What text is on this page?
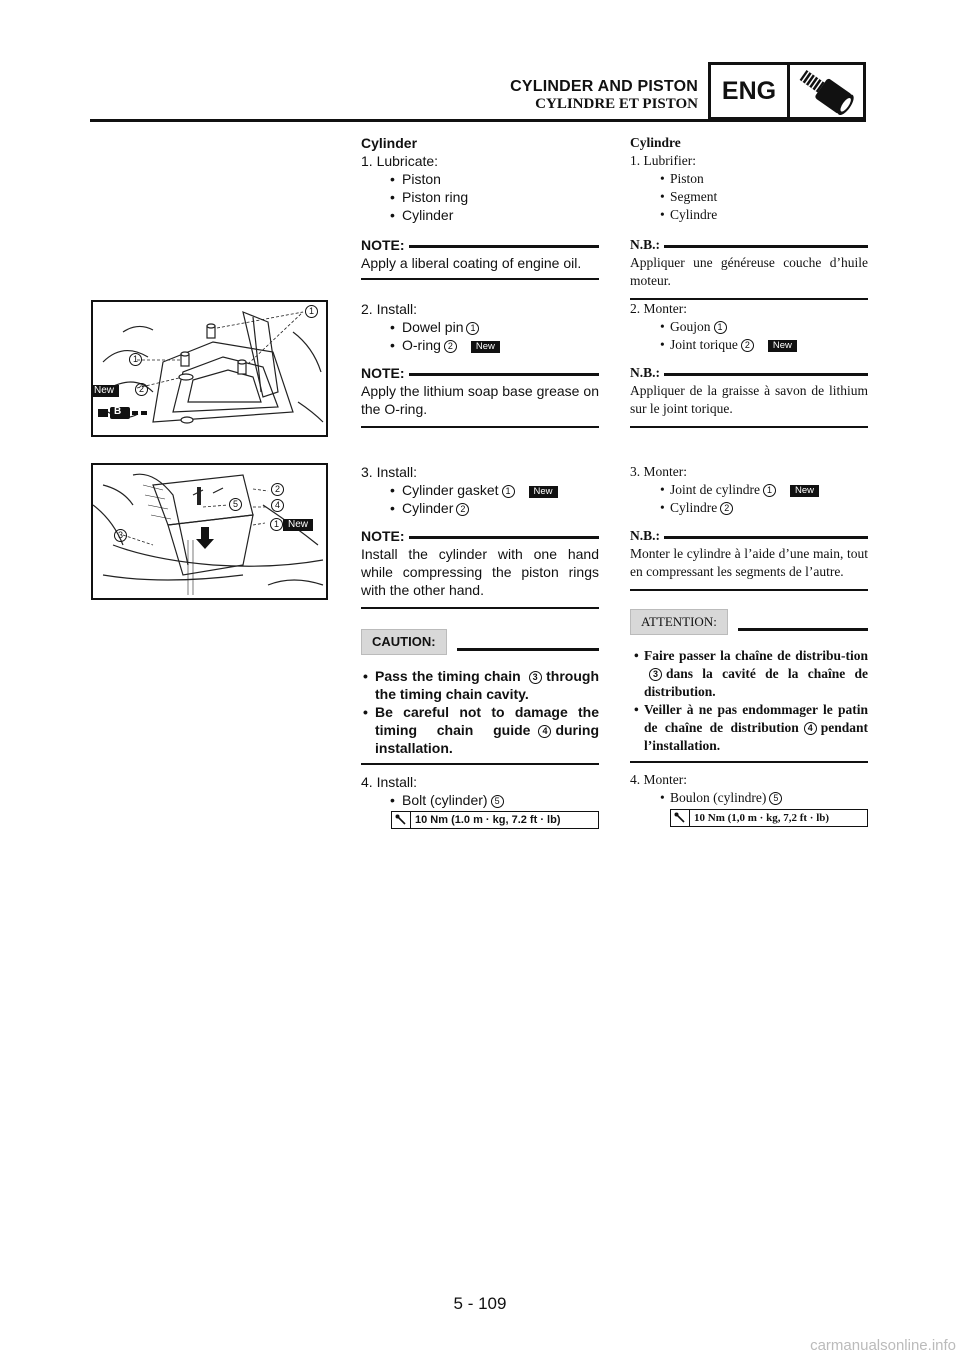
CYLINDER AND PISTON
CYLINDRE ET PISTON ENG
1
1
New	2
B
2
4
5
1 New
3

Cylinder

1. Lubricate:

• Piston

• Piston ring

• Cylinder

NOTE:

Apply a liberal coating of engine oil.

2. Install:

• Dowel pin 1

• O-ring 2 New

NOTE:

Apply the lithium soap base grease on the O-ring.

3. Install:

• Cylinder gasket 1 New

• Cylinder 2

NOTE:

Install the cylinder with one hand while compressing the piston rings with the other hand.

CAUTION:

• Pass the timing chain 3 through the timing chain cavity.

• Be careful not to damage the timing chain guide 4 during installation.

4. Install:

• Bolt (cylinder) 5

10 Nm (1.0 m · kg, 7.2 ft · lb)

Cylindre

1. Lubrifier:

• Piston

• Segment

• Cylindre

N.B.:

Appliquer une généreuse couche d’huile moteur.

2. Monter:

• Goujon 1

• Joint torique 2 New

N.B.:

Appliquer de la graisse à savon de lithium sur le joint torique.

3. Monter:

• Joint de cylindre 1 New

• Cylindre 2

N.B.:

Monter le cylindre à l’aide d’une main, tout en compressant les segments de l’autre.

ATTENTION:

• Faire passer la chaîne de distribu-tion3 dans la cavité de la chaîne de distribution.

• Veiller à ne pas endommager le patin de chaîne de distribution 4 pendant l’installation.

4. Monter:

• Boulon (cylindre) 5

10 Nm (1,0 m · kg, 7,2 ft · lb)
5 - 109
carmanualsonline.info
